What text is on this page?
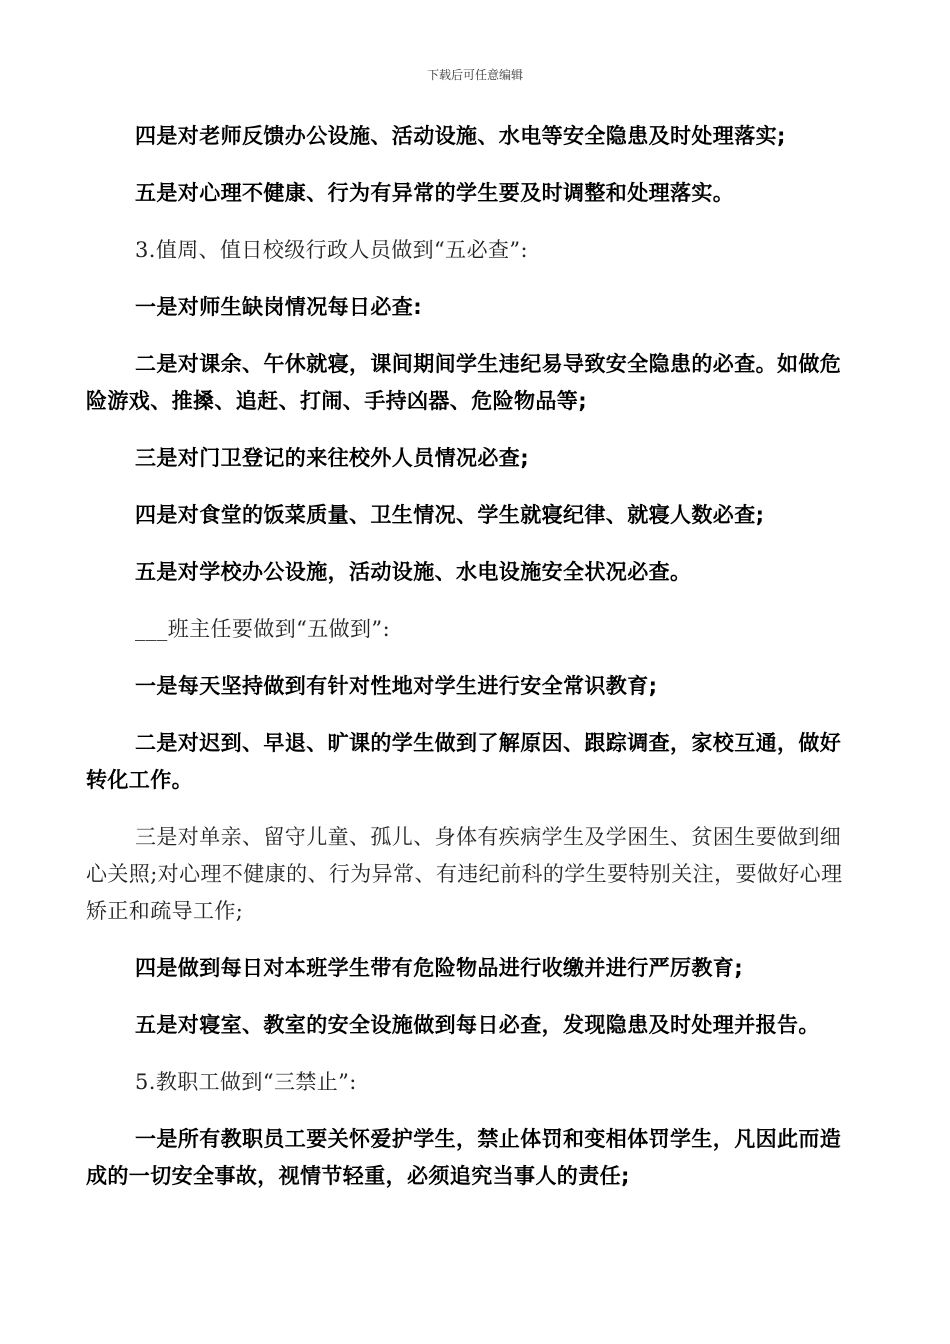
下载后可任意编辑

四是对老师反馈办公设施、活动设施、水电等安全隐患及时处理落实;

五是对心理不健康、行为有异常的学生要及时调整和处理落实。

3.值周、值日校级行政人员做到“五必查”:

一是对师生缺岗情况每日必查:

二是对课余、午休就寝，课间期间学生违纪易导致安全隐患的必查。如做危险游戏、推搡、追赶、打闹、手持凶器、危险物品等;

三是对门卫登记的来往校外人员情况必查;

四是对食堂的饭菜质量、卫生情况、学生就寝纪律、就寝人数必查;

五是对学校办公设施，活动设施、水电设施安全状况必查。

___班主任要做到“五做到”:

一是每天坚持做到有针对性地对学生进行安全常识教育;

二是对迟到、早退、旷课的学生做到了解原因、跟踪调查，家校互通，做好转化工作。

三是对单亲、留守儿童、孤儿、身体有疾病学生及学困生、贫困生要做到细心关照;对心理不健康的、行为异常、有违纪前科的学生要特别关注，要做好心理矫正和疏导工作;

四是做到每日对本班学生带有危险物品进行收缴并进行严厉教育;

五是对寝室、教室的安全设施做到每日必查，发现隐患及时处理并报告。

5.教职工做到“三禁止”:

一是所有教职员工要关怀爱护学生，禁止体罚和变相体罚学生，凡因此而造成的一切安全事故，视情节轻重，必须追究当事人的责任;
